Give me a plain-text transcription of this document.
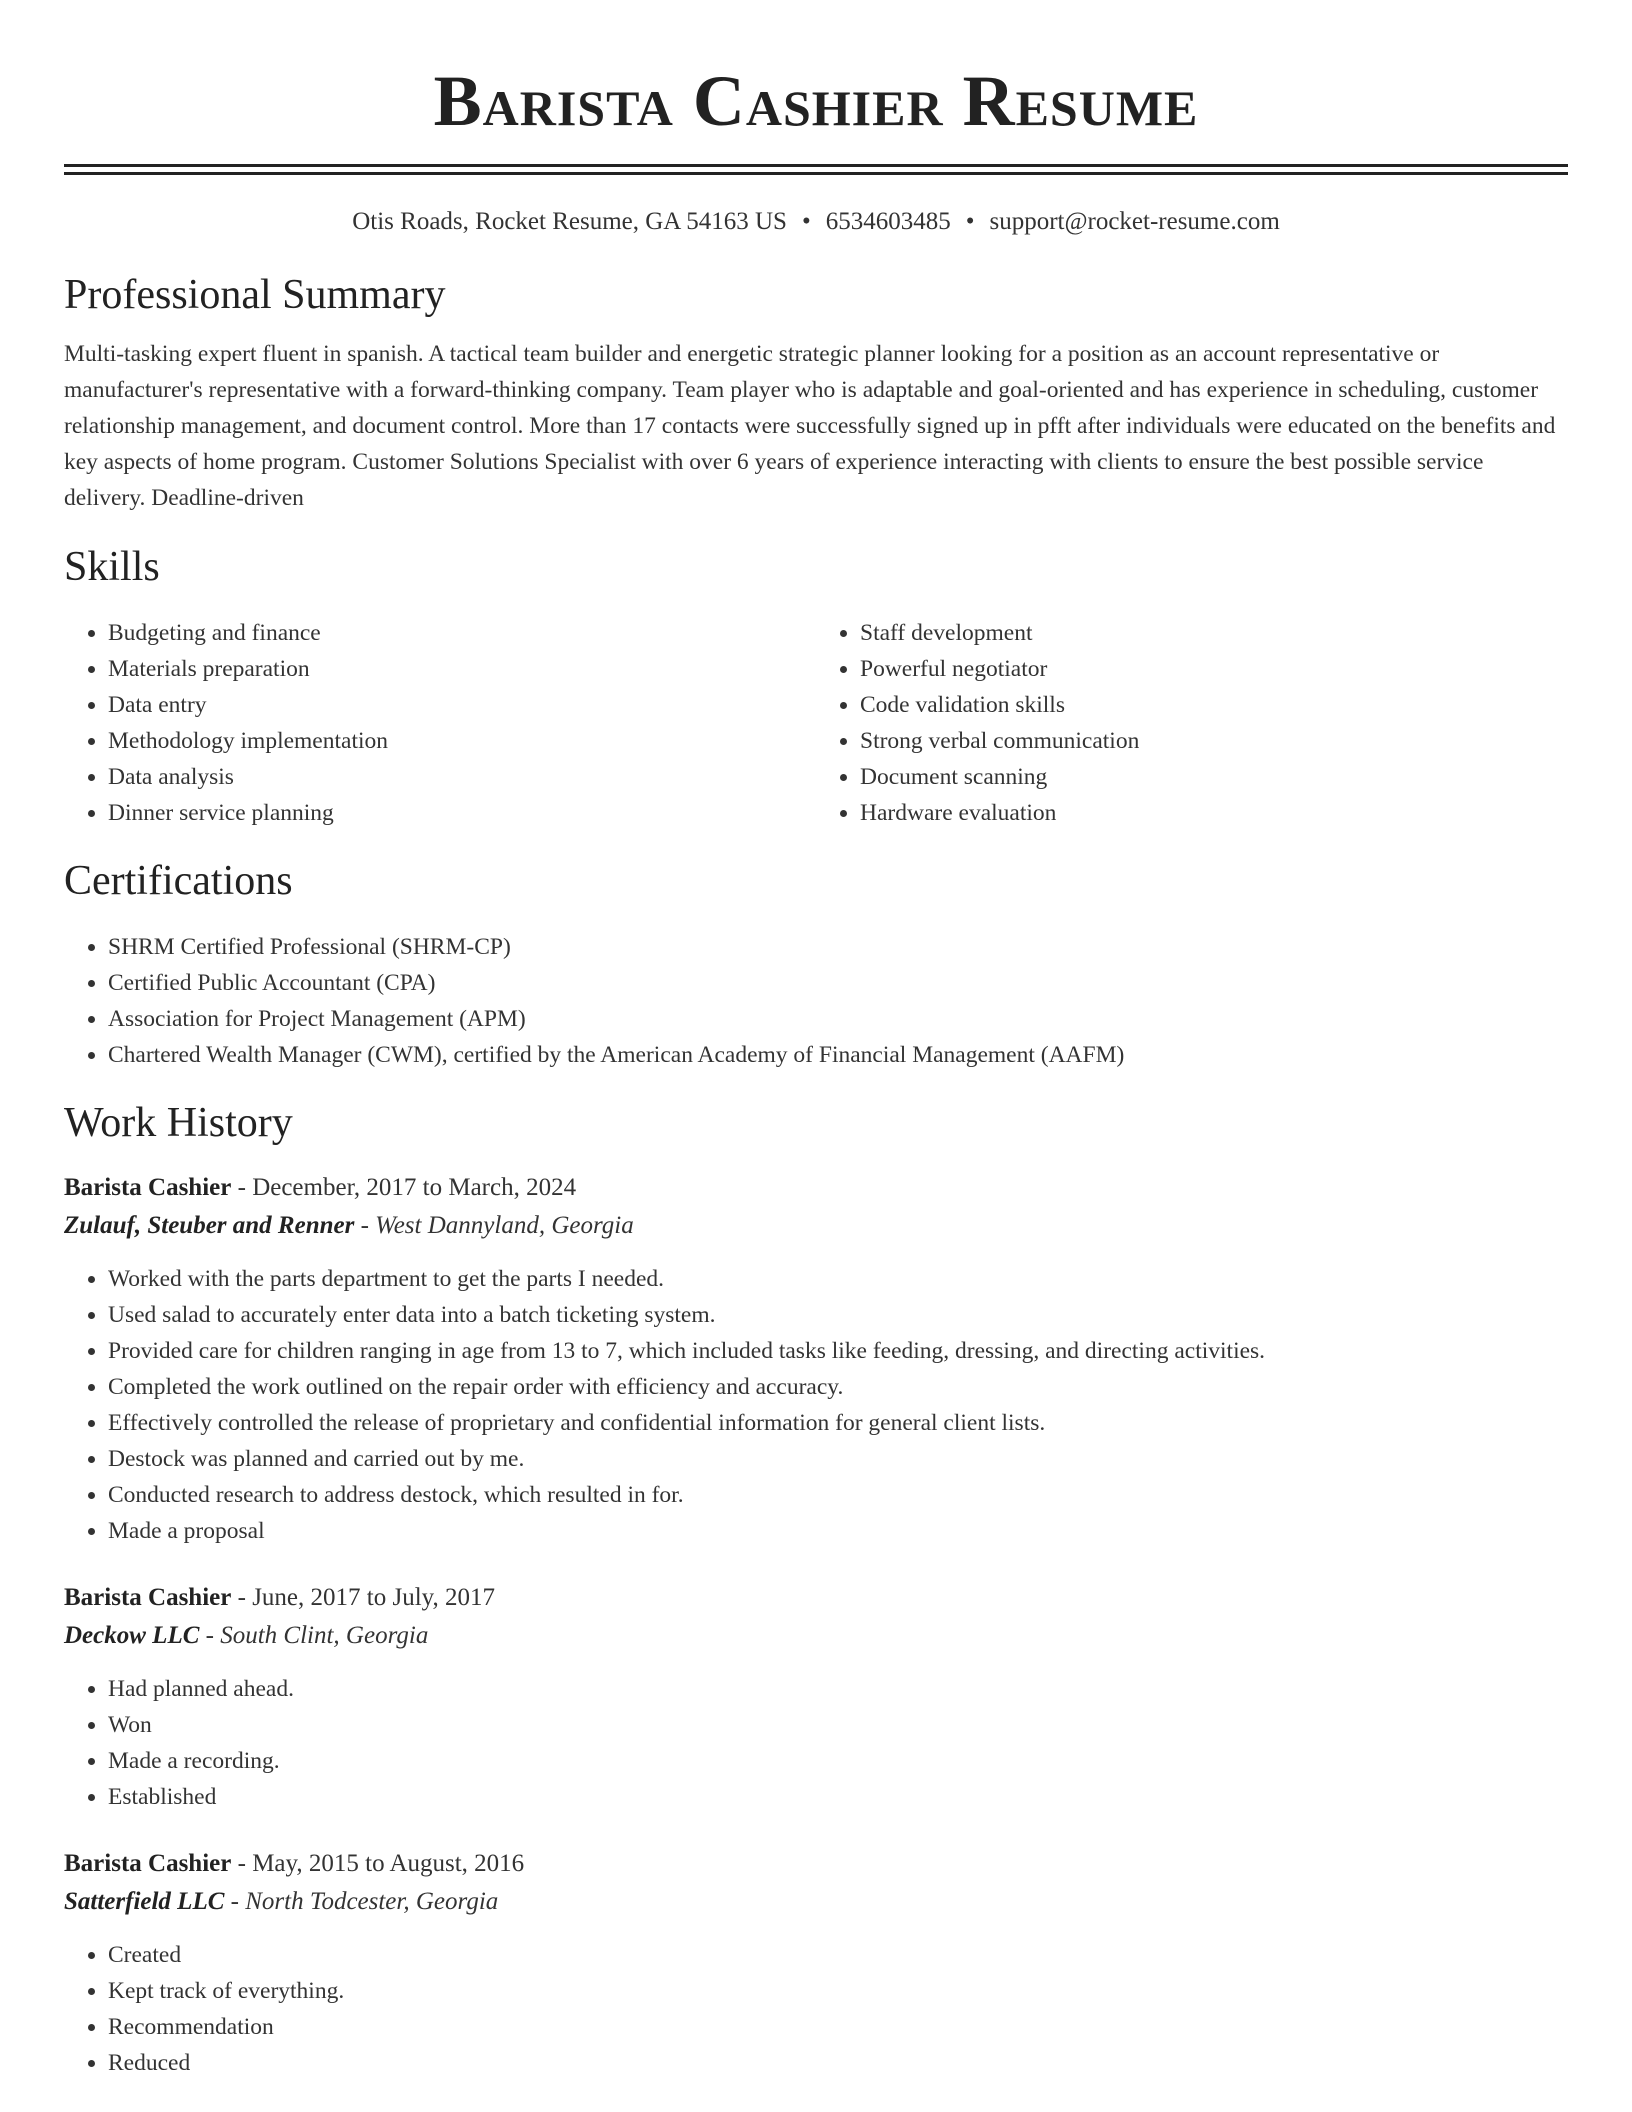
Barista Cashier Resume
Otis Roads, Rocket Resume, GA 54163 US • 6534603485 • support@rocket-resume.com
Professional Summary

Multi-tasking expert fluent in spanish. A tactical team builder and energetic strategic planner looking for a position as an account representative or manufacturer's representative with a forward-thinking company. Team player who is adaptable and goal-oriented and has experience in scheduling, customer relationship management, and document control. More than 17 contacts were successfully signed up in pfft after individuals were educated on the benefits and key aspects of home program. Customer Solutions Specialist with over 6 years of experience interacting with clients to ensure the best possible service delivery. Deadline-driven

Skills
• Budgeting and finance
• Materials preparation
• Data entry
• Methodology implementation
• Data analysis
• Dinner service planning
• Staff development
• Powerful negotiator
• Code validation skills
• Strong verbal communication
• Document scanning
• Hardware evaluation
Certifications
• SHRM Certified Professional (SHRM-CP)
• Certified Public Accountant (CPA)
• Association for Project Management (APM)
• Chartered Wealth Manager (CWM), certified by the American Academy of Financial Management (AAFM)
Work History
Barista Cashier - December, 2017 to March, 2024
Zulauf, Steuber and Renner - West Dannyland, Georgia
• Worked with the parts department to get the parts I needed.
• Used salad to accurately enter data into a batch ticketing system.
• Provided care for children ranging in age from 13 to 7, which included tasks like feeding, dressing, and directing activities.
• Completed the work outlined on the repair order with efficiency and accuracy.
• Effectively controlled the release of proprietary and confidential information for general client lists.
• Destock was planned and carried out by me.
• Conducted research to address destock, which resulted in for.
• Made a proposal
Barista Cashier - June, 2017 to July, 2017
Deckow LLC - South Clint, Georgia
• Had planned ahead.
• Won
• Made a recording.
• Established
Barista Cashier - May, 2015 to August, 2016
Satterfield LLC - North Todcester, Georgia
• Created
• Kept track of everything.
• Recommendation
• Reduced
